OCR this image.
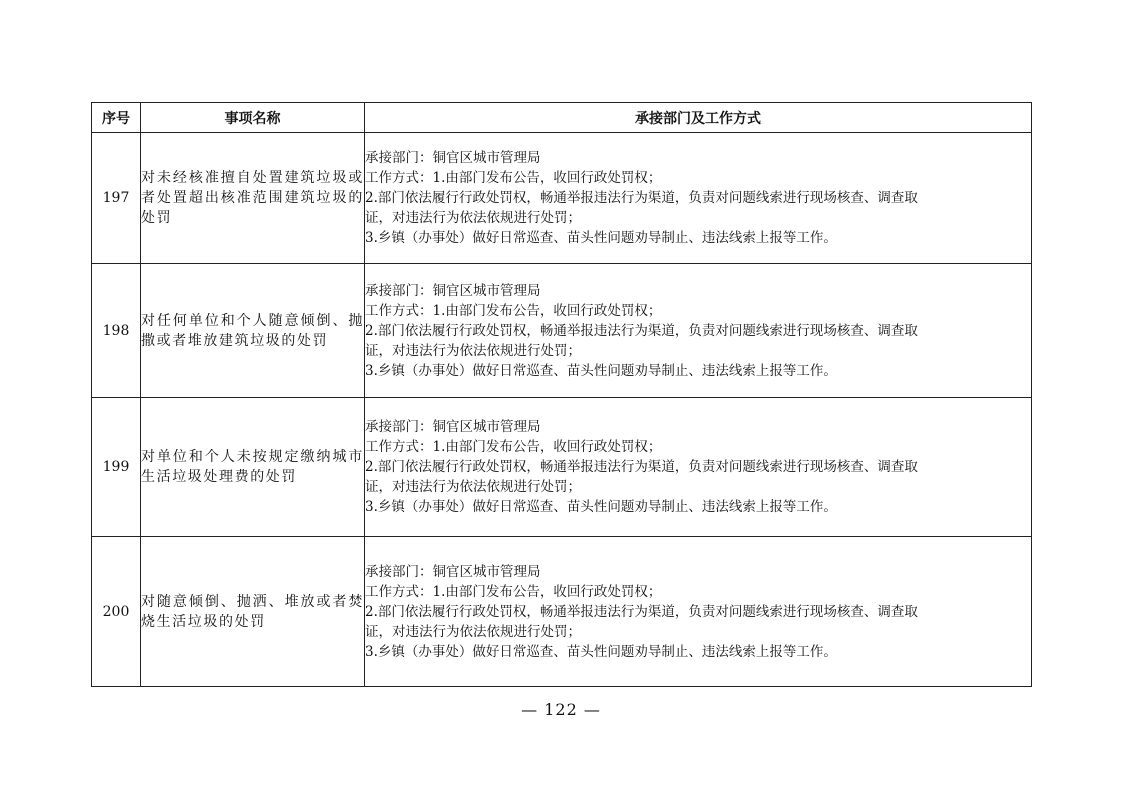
序号	事项名称	承接部门及工作方式
197	对未经核准擅自处置建筑垃圾或者处置超出核准范围建筑垃圾的处罚	承接部门：铜官区城市管理局
工作方式：1.由部门发布公告，收回行政处罚权；
2.部门依法履行行政处罚权，畅通举报违法行为渠道，负责对问题线索进行现场核查、调查取
证，对违法行为依法依规进行处罚；
3.乡镇（办事处）做好日常巡查、苗头性问题劝导制止、违法线索上报等工作。

198	对任何单位和个人随意倾倒、抛撒或者堆放建筑垃圾的处罚	承接部门：铜官区城市管理局
工作方式：1.由部门发布公告，收回行政处罚权；
2.部门依法履行行政处罚权，畅通举报违法行为渠道，负责对问题线索进行现场核查、调查取
证，对违法行为依法依规进行处罚；
3.乡镇（办事处）做好日常巡查、苗头性问题劝导制止、违法线索上报等工作。

199	对单位和个人未按规定缴纳城市生活垃圾处理费的处罚	承接部门：铜官区城市管理局
工作方式：1.由部门发布公告，收回行政处罚权；
2.部门依法履行行政处罚权，畅通举报违法行为渠道，负责对问题线索进行现场核查、调查取
证，对违法行为依法依规进行处罚；
3.乡镇（办事处）做好日常巡查、苗头性问题劝导制止、违法线索上报等工作。

200	对随意倾倒、抛洒、堆放或者焚烧生活垃圾的处罚	承接部门：铜官区城市管理局
工作方式：1.由部门发布公告，收回行政处罚权；
2.部门依法履行行政处罚权，畅通举报违法行为渠道，负责对问题线索进行现场核查、调查取
证，对违法行为依法依规进行处罚；
3.乡镇（办事处）做好日常巡查、苗头性问题劝导制止、违法线索上报等工作。
— 122 —
